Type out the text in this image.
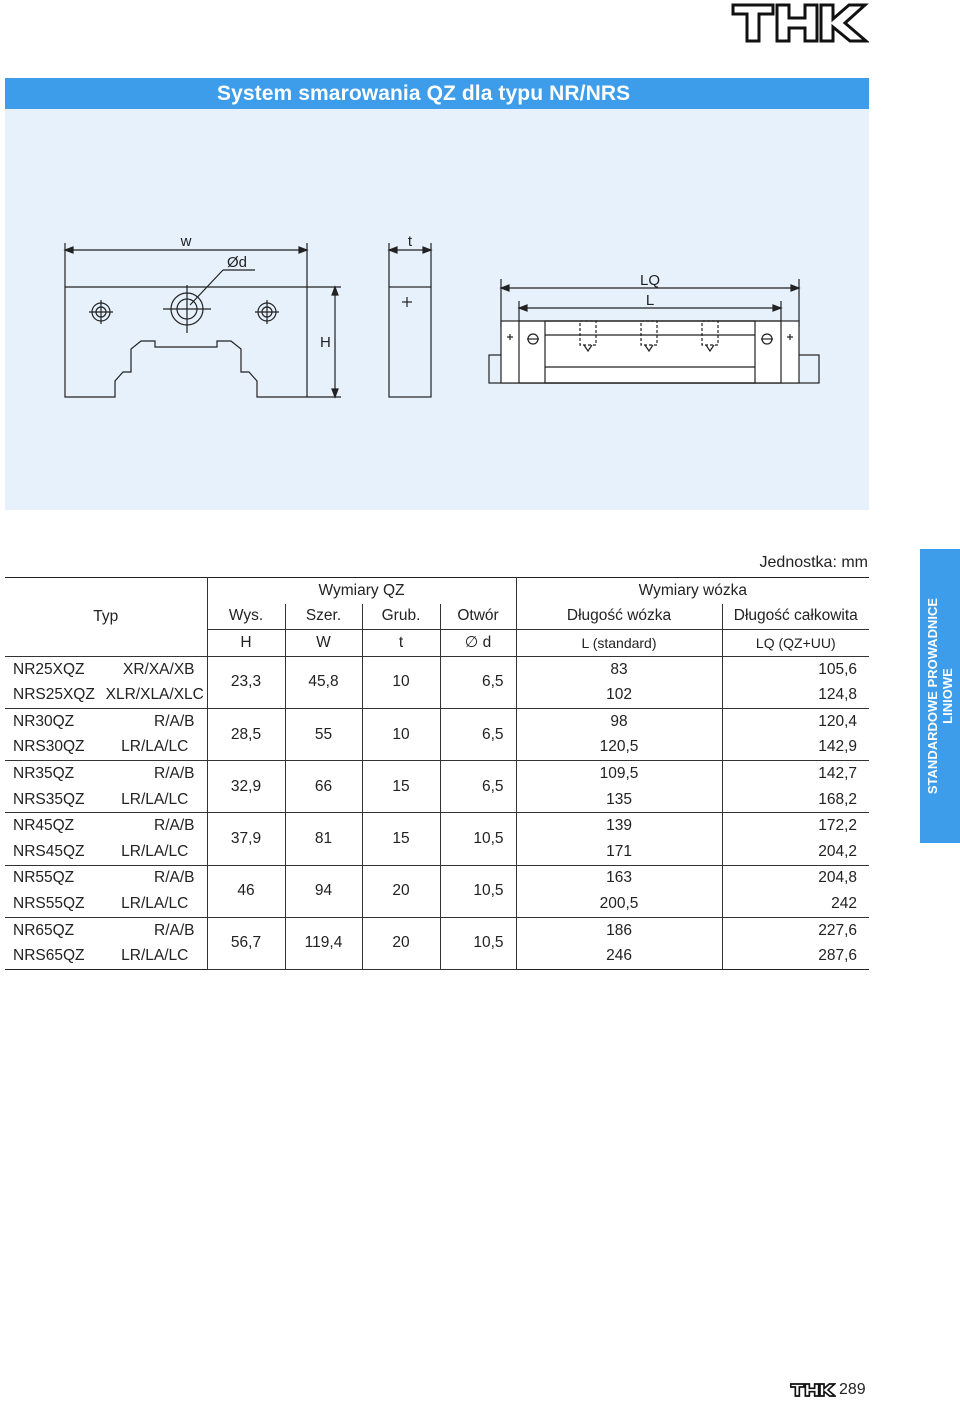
System smarowania QZ dla typu NR/NRS
w
Ød
H
t
LQ
L
Jednostka: mm
		Wymiary QZ				Wymiary wózka	
Typ		Wys.	Szer.	Grub.	Otwór	Długość wózka	Długość całkowita
		H	W	t	∅ d	L (standard)	LQ (QZ+UU)
NR25XQZ	XR/XA/XB	23,3	45,8	10	6,5	83	105,6
NRS25XQZ	XLR/XLA/XLC					102	124,8
NR30QZ	R/A/B	28,5	55	10	6,5	98	120,4
NRS30QZ	LR/LA/LC					120,5	142,9
NR35QZ	R/A/B	32,9	66	15	6,5	109,5	142,7
NRS35QZ	LR/LA/LC					135	168,2
NR45QZ	R/A/B	37,9	81	15	10,5	139	172,2
NRS45QZ	LR/LA/LC					171	204,2
NR55QZ	R/A/B	46	94	20	10,5	163	204,8
NRS55QZ	LR/LA/LC					200,5	242
NR65QZ	R/A/B	56,7	119,4	20	10,5	186	227,6
NRS65QZ	LR/LA/LC					246	287,6
STANDARDOWE PROWADNICE
LINIOWE
289
